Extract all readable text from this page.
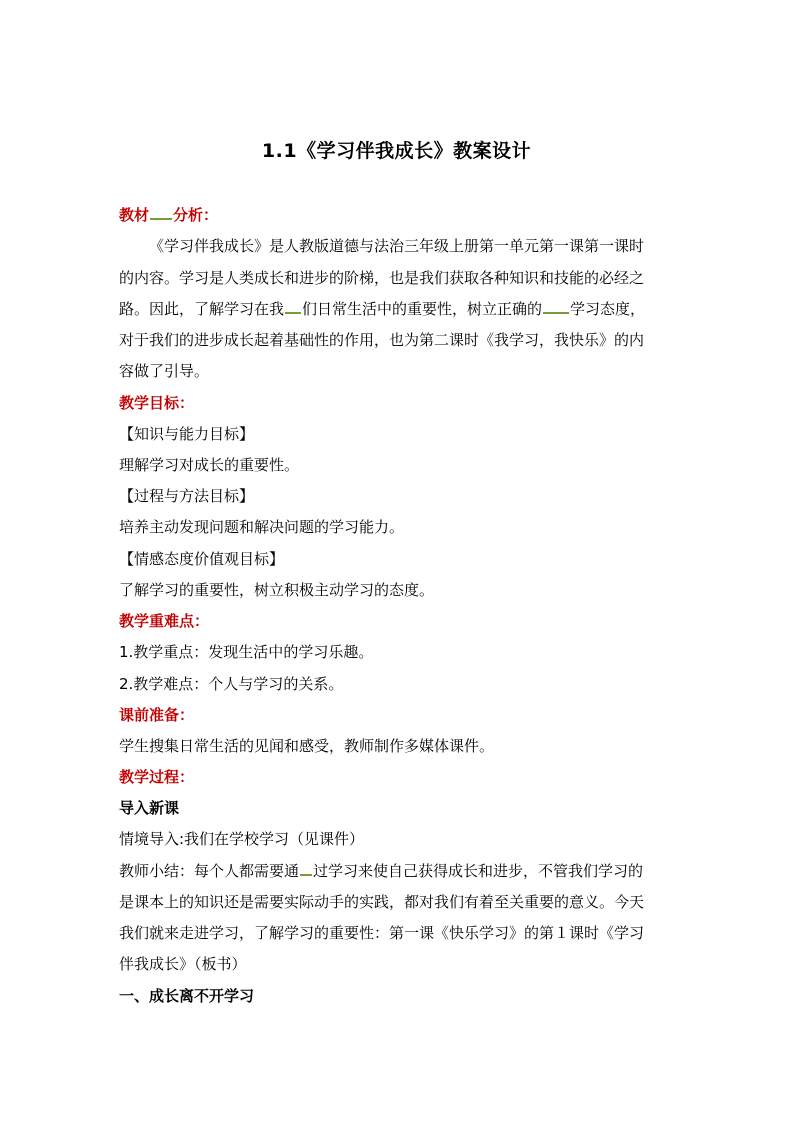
1.1《学习伴我成长》教案设计
教材 分析：
《学习伴我成长》是人教版道德与法治三年级上册第一单元第一课第一课时
的内容。学习是人类成长和进步的阶梯，也是我们获取各种知识和技能的必经之
路。因此，了解学习在我 们日常生活中的重要性，树立正确的 学习态度，
对于我们的进步成长起着基础性的作用，也为第二课时《我学习，我快乐》的内
容做了引导。
教学目标：
【知识与能力目标】
理解学习对成长的重要性。
【过程与方法目标】
培养主动发现问题和解决问题的学习能力。
【情感态度价值观目标】
了解学习的重要性，树立积极主动学习的态度。
教学重难点：
1.教学重点：发现生活中的学习乐趣。
2.教学难点：个人与学习的关系。
课前准备：
学生搜集日常生活的见闻和感受，教师制作多媒体课件。
教学过程：
导入新课
情境导入:我们在学校学习（见课件）
教师小结：每个人都需要通 过学习来使自己获得成长和进步，不管我们学习的
是课本上的知识还是需要实际动手的实践，都对我们有着至关重要的意义。今天
我们就来走进学习，了解学习的重要性：第一课《快乐学习》的第１课时《学习
伴我成长》（板书）
一、成长离不开学习
